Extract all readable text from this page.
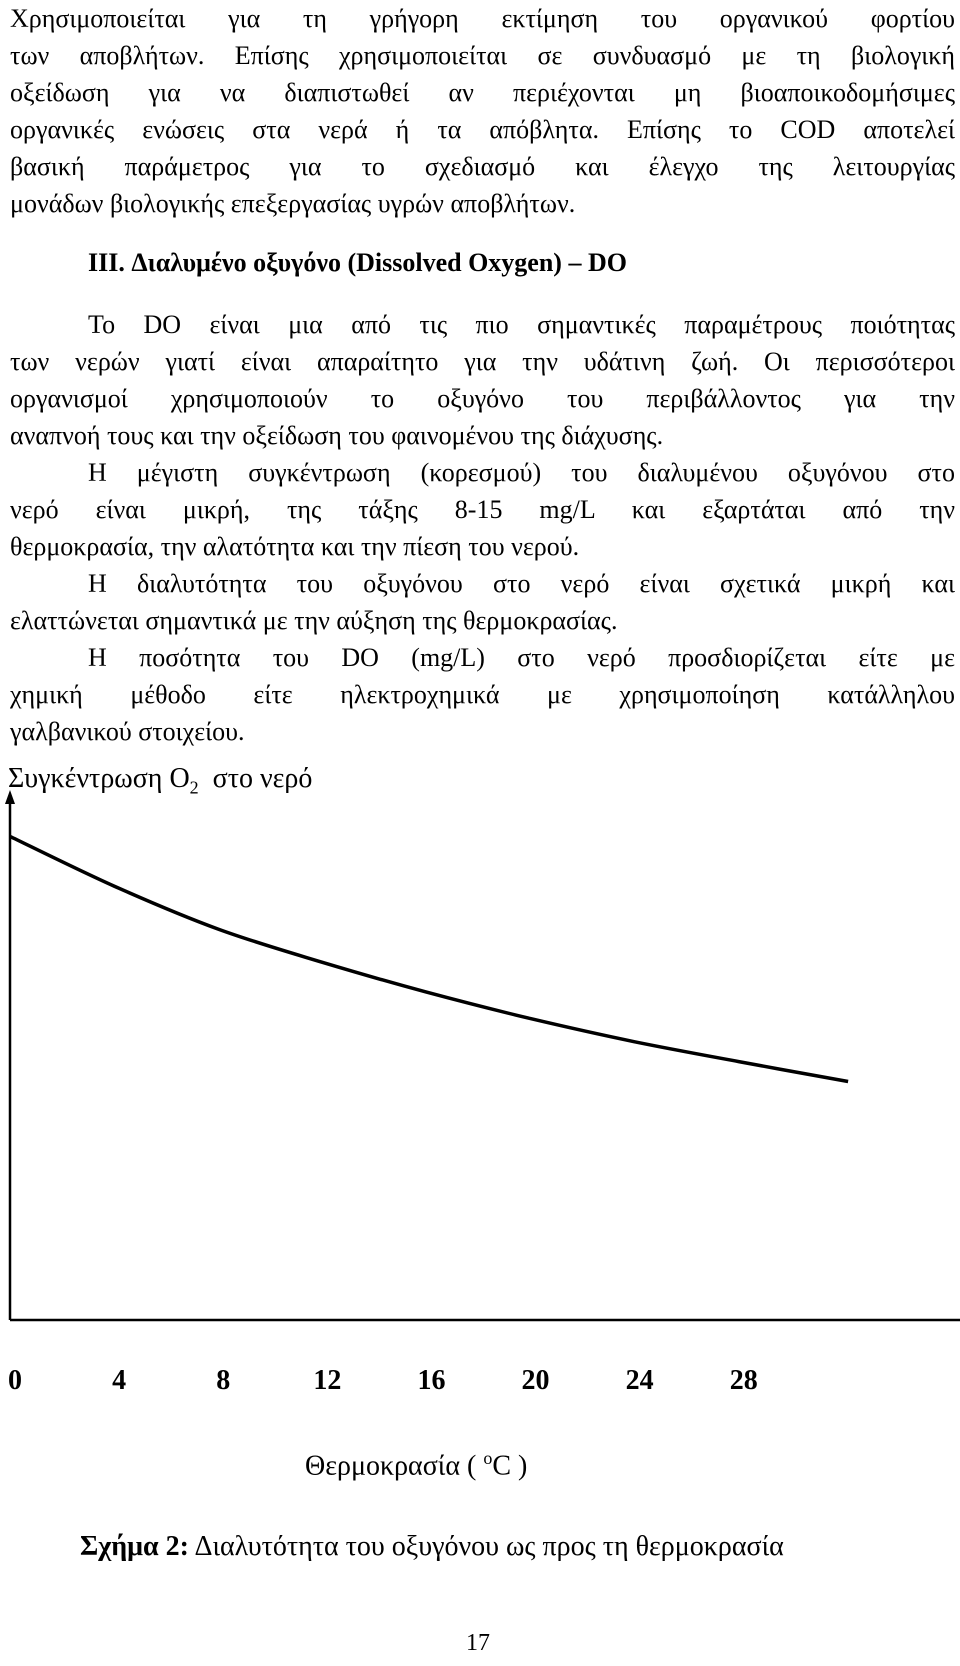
Χρησιμοποιείται για τη γρήγορη εκτίμηση του οργανικού φορτίου
των αποβλήτων. Επίσης χρησιμοποιείται σε συνδυασμό με τη βιολογική
οξείδωση για να διαπιστωθεί αν περιέχονται μη βιοαποικοδομήσιμες
οργανικές ενώσεις στα νερά ή τα απόβλητα. Επίσης το COD αποτελεί
βασική παράμετρος για το σχεδιασμό και έλεγχο της λειτουργίας
μονάδων βιολογικής επεξεργασίας υγρών αποβλήτων.
III. Διαλυμένο οξυγόνο (Dissolved Oxygen) – DO
Το DO είναι μια από τις πιο σημαντικές παραμέτρους ποιότητας
των νερών γιατί είναι απαραίτητο για την υδάτινη ζωή. Οι περισσότεροι
οργανισμοί χρησιμοποιούν το οξυγόνο του περιβάλλοντος για την
αναπνοή τους και την οξείδωση του φαινομένου της διάχυσης.
Η μέγιστη συγκέντρωση (κορεσμού) του διαλυμένου οξυγόνου στο
νερό είναι μικρή, της τάξης 8-15 mg/L και εξαρτάται από την
θερμοκρασία, την αλατότητα και την πίεση του νερού.
Η διαλυτότητα του οξυγόνου στο νερό είναι σχετικά μικρή και
ελαττώνεται σημαντικά με την αύξηση της θερμοκρασίας.
Η ποσότητα του DO (mg/L) στο νερό προσδιορίζεται είτε με
χημική μέθοδο είτε ηλεκτροχημικά με χρησιμοποίηση κατάλληλου
γαλβανικού στοιχείου.
Συγκέντρωση $O_2$ στο νερό
0	4	8	12	16	20	24	28
Θερμοκρασία ( $^o$C )
Σχήμα 2: Διαλυτότητα του οξυγόνου ως προς τη θερμοκρασία
17
